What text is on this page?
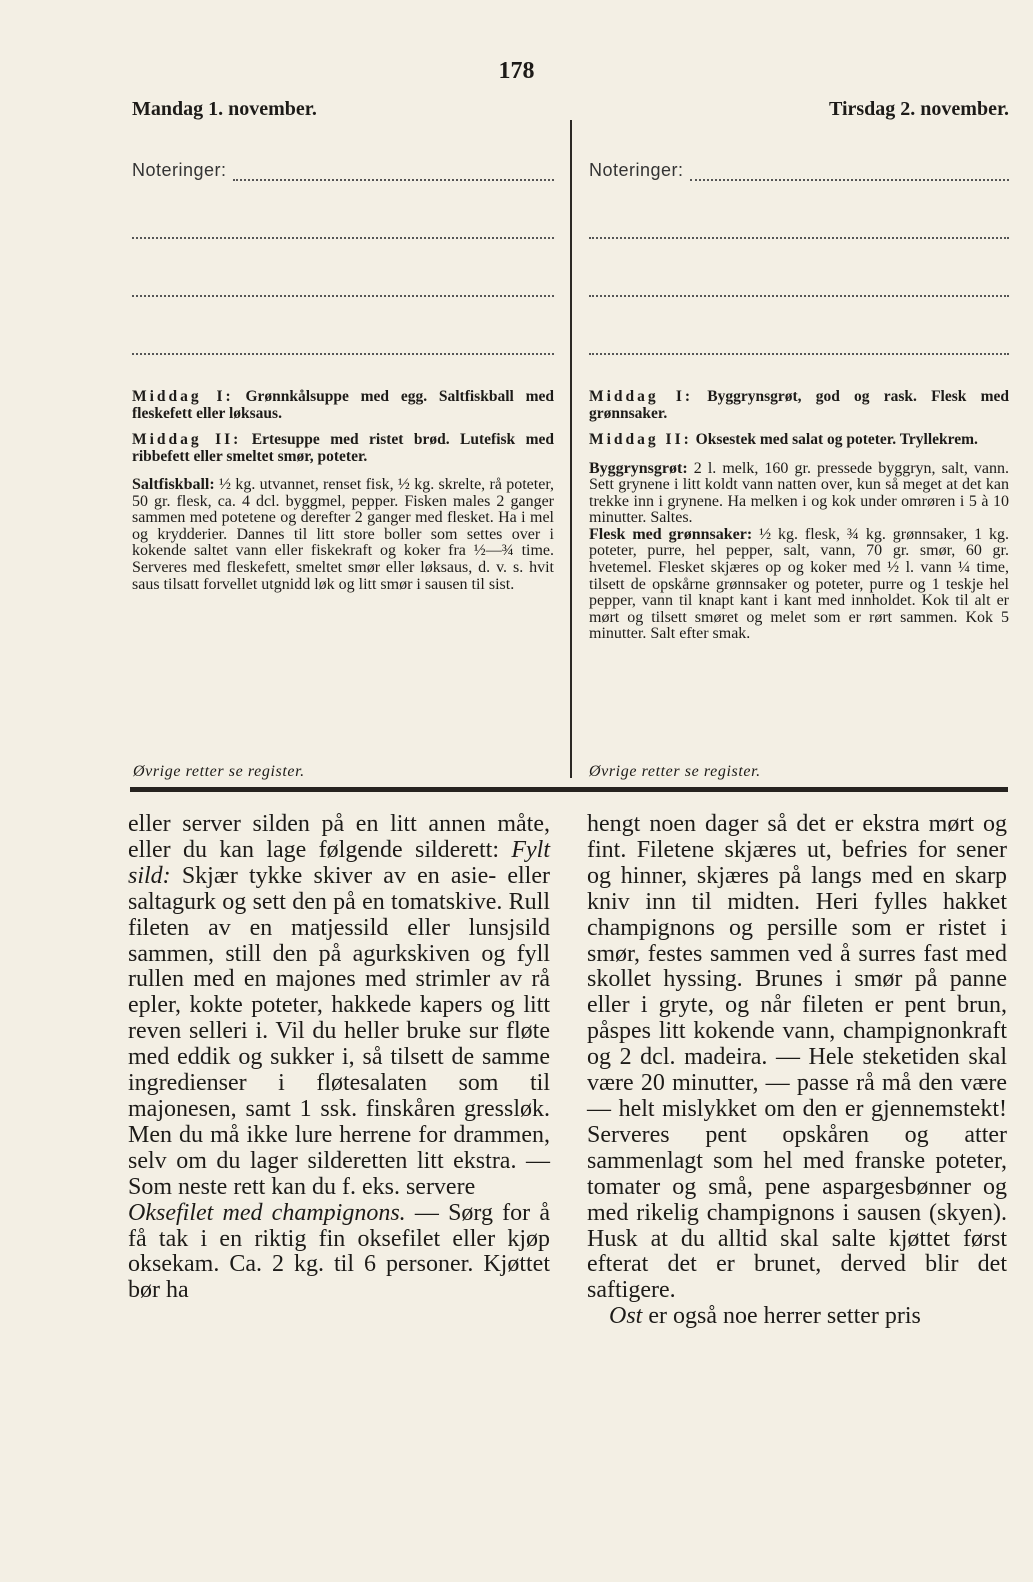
178
Mandag 1. november.	Tirsdag 2. november.
Noteringer:

Middag I: Grønnkålsuppe med egg. Saltfiskball med fleskefett eller løksaus.

Middag II: Ertesuppe med ristet brød. Lutefisk med ribbefett eller smeltet smør, poteter.

Saltfiskball: ½ kg. utvannet, renset fisk, ½ kg. skrelte, rå poteter, 50 gr. flesk, ca. 4 dcl. byggmel, pepper. Fisken males 2 ganger sammen med potetene og derefter 2 ganger med flesket. Ha i mel og krydderier. Dannes til litt store boller som settes over i kokende saltet vann eller fiskekraft og koker fra ½—¾ time. Serveres med fleskefett, smeltet smør eller løksaus, d. v. s. hvit saus tilsatt forvellet utgnidd løk og litt smør i sausen til sist.

Øvrige retter se register.
Noteringer:

Middag I: Byggrynsgrøt, god og rask. Flesk med grønnsaker.

Middag II: Oksestek med salat og poteter. Tryllekrem.

Byggrynsgrøt: 2 l. melk, 160 gr. pressede byggryn, salt, vann. Sett grynene i litt koldt vann natten over, kun så meget at det kan trekke inn i grynene. Ha melken i og kok under omrøren i 5 à 10 minutter. Saltes.

Flesk med grønnsaker: ½ kg. flesk, ¾ kg. grønnsaker, 1 kg. poteter, purre, hel pepper, salt, vann, 70 gr. smør, 60 gr. hvetemel. Flesket skjæres op og koker med ½ l. vann ¼ time, tilsett de opskårne grønnsaker og poteter, purre og 1 teskje hel pepper, vann til knapt kant i kant med innholdet. Kok til alt er mørt og tilsett smøret og melet som er rørt sammen. Kok 5 minutter. Salt efter smak.

Øvrige retter se register.

eller server silden på en litt annen måte, eller du kan lage følgende silderett: Fylt sild: Skjær tykke skiver av en asie- eller saltagurk og sett den på en tomatskive. Rull fileten av en matjessild eller lunsjsild sammen, still den på agurkskiven og fyll rullen med en majones med strimler av rå epler, kokte poteter, hakkede kapers og litt reven selleri i. Vil du heller bruke sur fløte med eddik og sukker i, så tilsett de samme ingredienser i fløtesalaten som til majonesen, samt 1 ssk. finskåren gressløk. Men du må ikke lure herrene for drammen, selv om du lager silderetten litt ekstra. — Som neste rett kan du f. eks. servere

Oksefilet med champignons. — Sørg for å få tak i en riktig fin oksefilet eller kjøp oksekam. Ca. 2 kg. til 6 personer. Kjøttet bør ha

hengt noen dager så det er ekstra mørt og fint. Filetene skjæres ut, befries for sener og hinner, skjæres på langs med en skarp kniv inn til midten. Heri fylles hakket champignons og persille som er ristet i smør, festes sammen ved å surres fast med skollet hyssing. Brunes i smør på panne eller i gryte, og når fileten er pent brun, påspes litt kokende vann, champignonkraft og 2 dcl. madeira. — Hele steketiden skal være 20 minutter, — passe rå må den være — helt mislykket om den er gjennemstekt! Serveres pent opskåren og atter sammenlagt som hel med franske poteter, tomater og små, pene aspargesbønner og med rikelig champignons i sausen (skyen). Husk at du alltid skal salte kjøttet først efterat det er brunet, derved blir det saftigere.

Ost er også noe herrer setter pris
